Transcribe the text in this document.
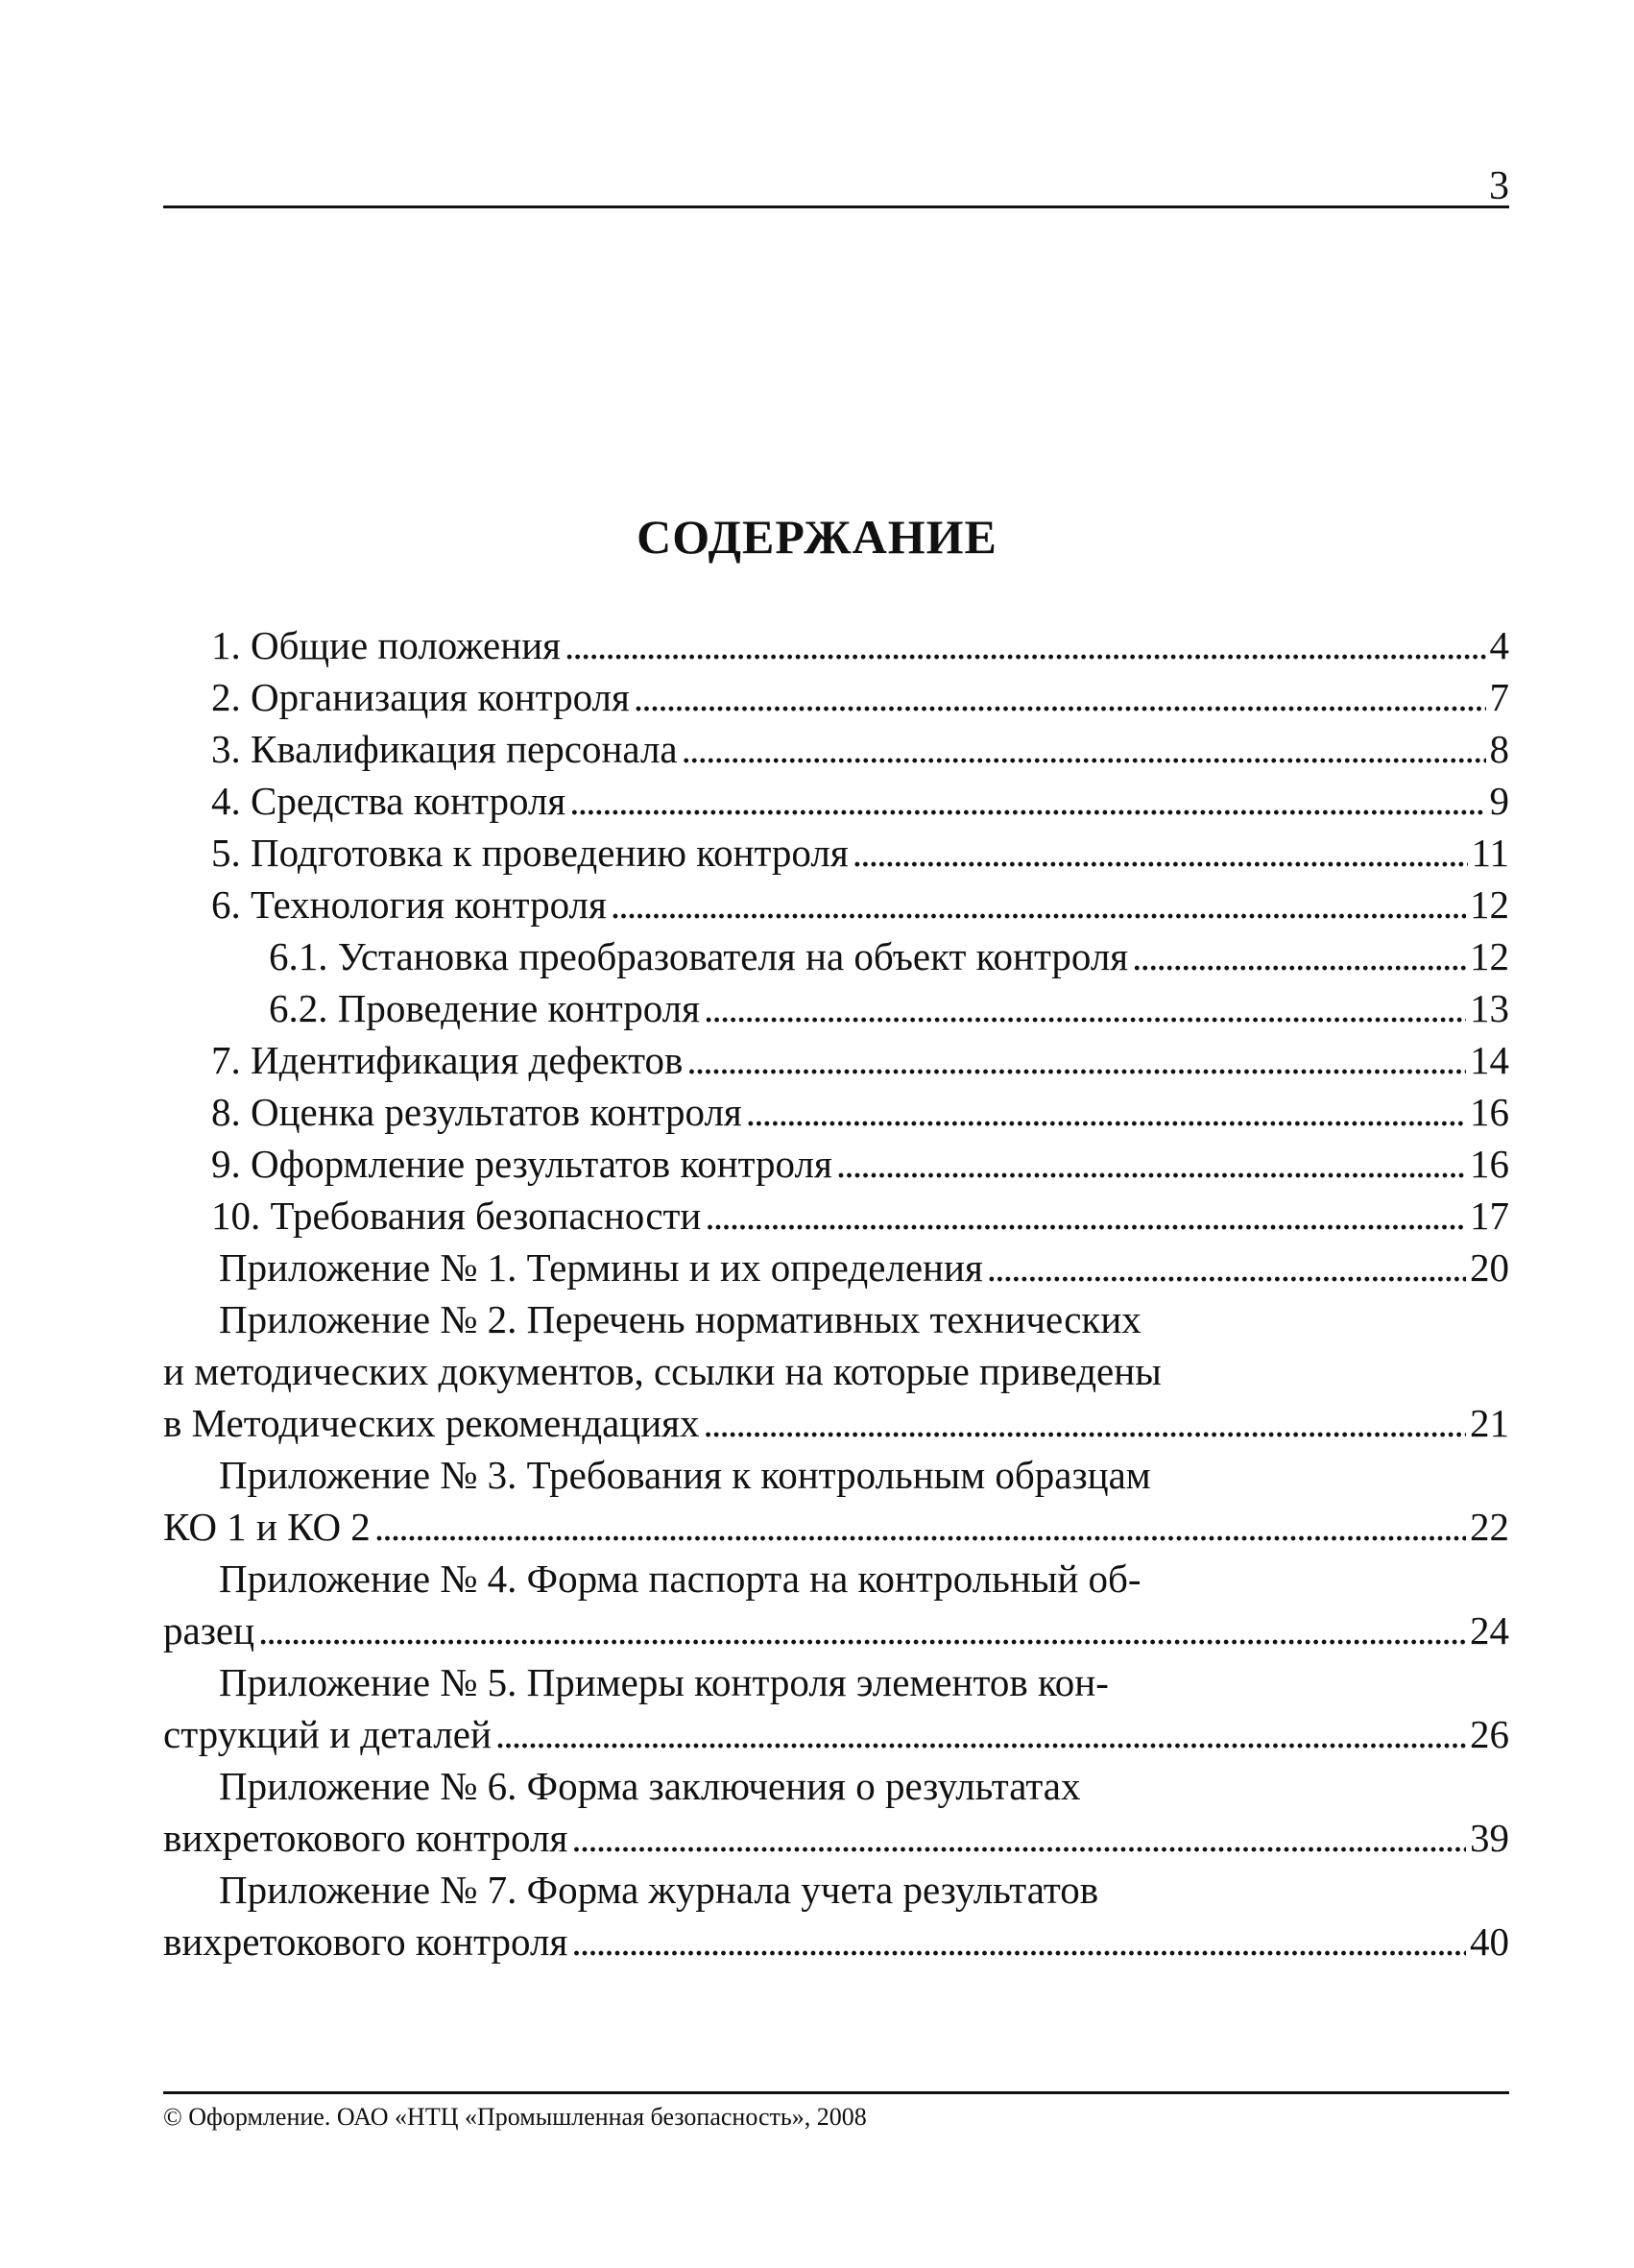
3
СОДЕРЖАНИЕ
1. Общие положения . . .	4
2. Организация контроля . . .	7
3. Квалификация персонала . . .	8
4. Средства контроля . . .	9
5. Подготовка к проведению контроля . . .	11
6. Технология контроля . . .	12
6.1. Установка преобразователя на объект контроля . . .	12
6.2. Проведение контроля . . .	13
7. Идентификация дефектов . . .	14
8. Оценка результатов контроля . . .	16
9. Оформление результатов контроля . . .	16
10. Требования безопасности . . .	17
Приложение № 1. Термины и их определения . . .	20
Приложение № 2. Перечень нормативных технических
и методических документов, ссылки на которые приведены
в Методических рекомендациях . . .	21
Приложение № 3. Требования к контрольным образцам
КО 1 и КО 2 . . .	22
Приложение № 4. Форма паспорта на контрольный об-
разец . . .	24
Приложение № 5. Примеры контроля элементов кон-
струкций и деталей . . .	26
Приложение № 6. Форма заключения о результатах
вихретокового контроля . . .	39
Приложение № 7. Форма журнала учета результатов
вихретокового контроля . . .	40
© Оформление. ОАО «НТЦ «Промышленная безопасность», 2008
